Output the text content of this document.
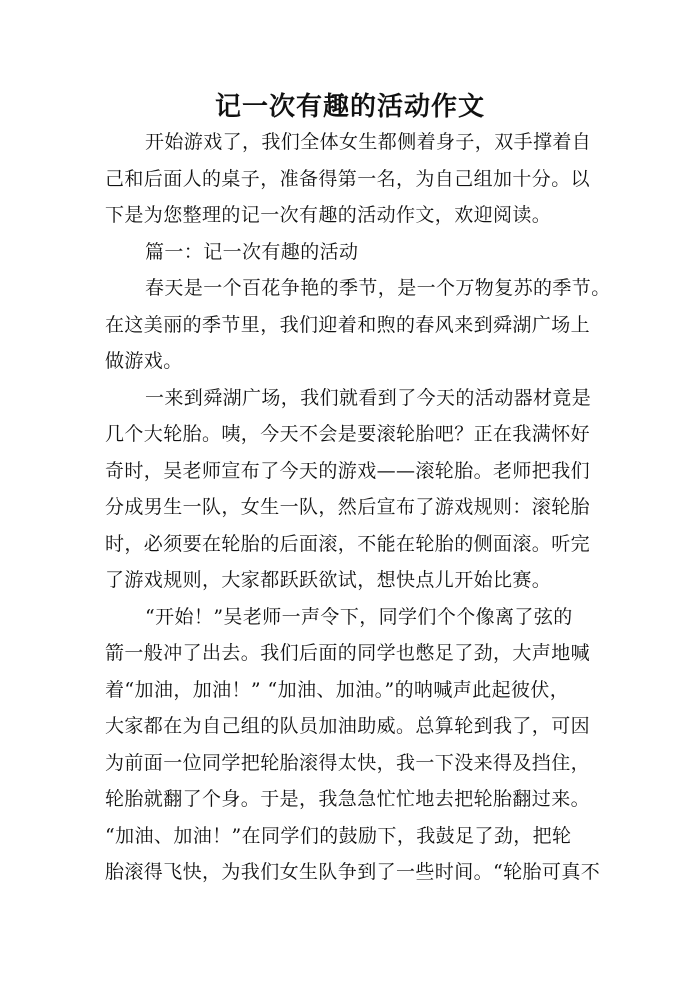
记一次有趣的活动作文
开始游戏了，我们全体女生都侧着身子，双手撑着自
己和后面人的桌子，准备得第一名，为自己组加十分。以
下是为您整理的记一次有趣的活动作文，欢迎阅读。
篇一：记一次有趣的活动
春天是一个百花争艳的季节，是一个万物复苏的季节。
在这美丽的季节里，我们迎着和煦的春风来到舜湖广场上
做游戏。
一来到舜湖广场，我们就看到了今天的活动器材竟是
几个大轮胎。咦，今天不会是要滚轮胎吧？正在我满怀好
奇时，吴老师宣布了今天的游戏——滚轮胎。老师把我们
分成男生一队，女生一队，然后宣布了游戏规则：滚轮胎
时，必须要在轮胎的后面滚，不能在轮胎的侧面滚。听完
了游戏规则，大家都跃跃欲试，想快点儿开始比赛。
“开始！”吴老师一声令下，同学们个个像离了弦的
箭一般冲了出去。我们后面的同学也憋足了劲，大声地喊
着“加油，加油！” “加油、加油。”的呐喊声此起彼伏，
大家都在为自己组的队员加油助威。总算轮到我了，可因
为前面一位同学把轮胎滚得太快，我一下没来得及挡住，
轮胎就翻了个身。于是，我急急忙忙地去把轮胎翻过来。
“加油、加油！”在同学们的鼓励下，我鼓足了劲，把轮
胎滚得飞快，为我们女生队争到了一些时间。“轮胎可真不
